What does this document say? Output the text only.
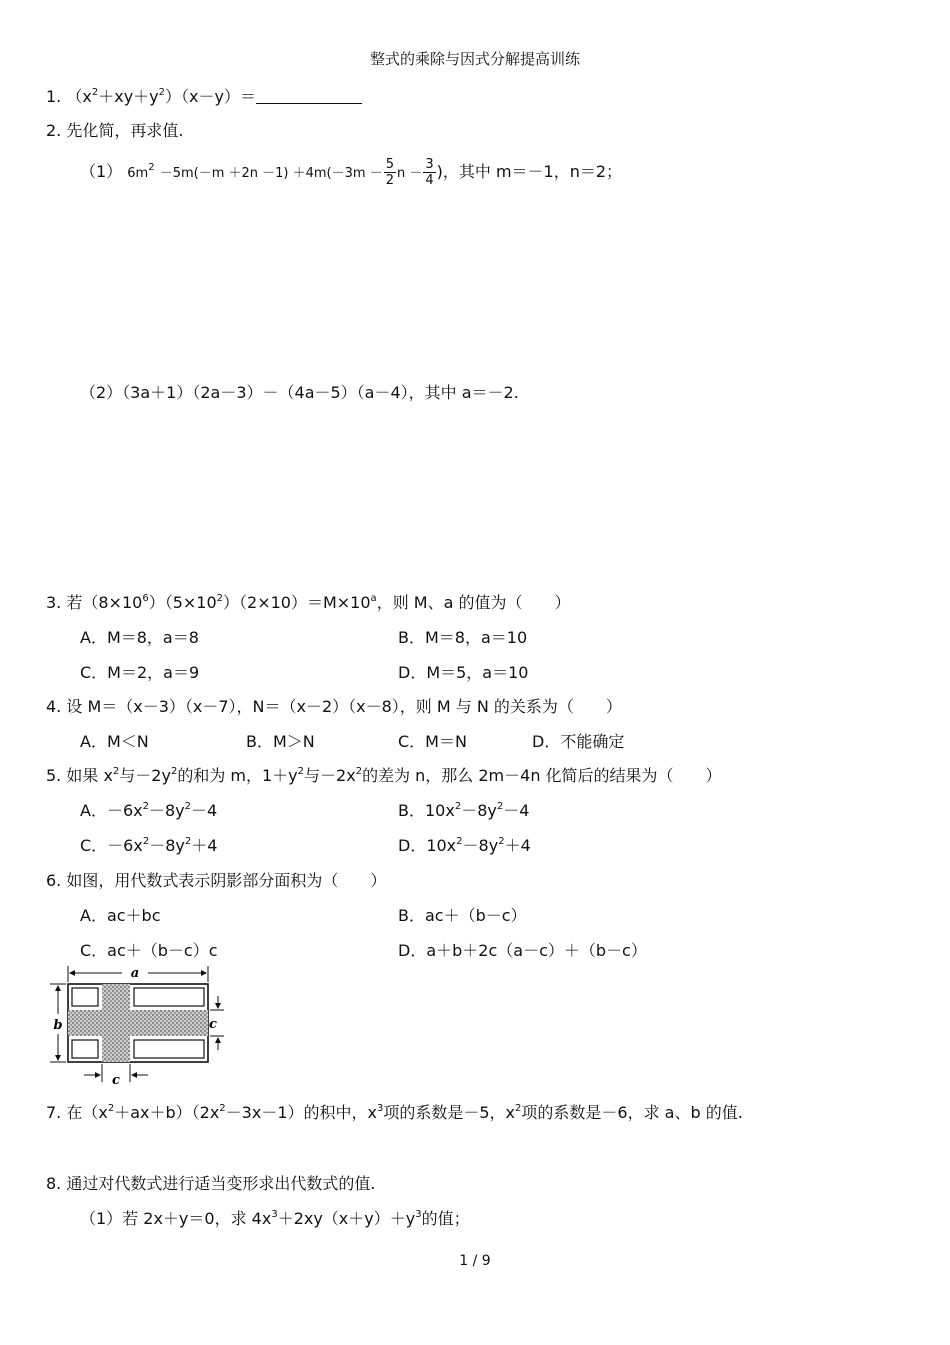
整式的乘除与因式分解提高训练
1. $(x^2+xy+y^2)(x-y)=$
2. 先化简，再求值.
（1） $6m^2 -5m(-m +2n -1) +4m(-3m - \frac{5}{2}$ $n - \frac{3}{4}$ )，其中 m＝－1，n＝2；
（2）（3a＋1）（2a－3）－（4a－5）（a－4），其中 a＝－2.
3. 若$(8\times 10^6)(5\times 10^2)(2\times 10)=M\times 10^a$，则 M、a 的值为（　　）
A．M＝8，a＝8	B．M＝8，a＝10
C．M＝2，a＝9	D．M＝5，a＝10
4. 设 M＝（x－3）（x－7），N＝（x－2）（x－8），则 M 与 N 的关系为（　　）
A．M＜N	B．M＞N	C．M＝N	D．不能确定
5. 如果 $x^2$与$-2y^2$的和为 m，$1+y^2$与$-2x^2$的差为 n，那么 2m－4n 化简后的结果为（　　）
A．$-6x^2-8y^2-4$	B．$10x^2-8y^2-4$
C．$-6x^2-8y^2+4$	D．$10x^2-8y^2+4$
6. 如图，用代数式表示阴影部分面积为（　　）
A．ac＋bc	B．ac＋（b－c）
C．ac＋（b－c）c	D．a＋b＋2c（a－c）＋（b－c）
a
b	c
c
7. 在$(x^2+ax+b)(2x^2-3x-1)$的积中，$x^3$项的系数是－5，$x^2$项的系数是－6，求 a、b 的值.
8. 通过对代数式进行适当变形求出代数式的值.
（1）若 2x＋y＝0，求 $4x^3+2xy(x+y)+y^3$的值；
1 / 9
